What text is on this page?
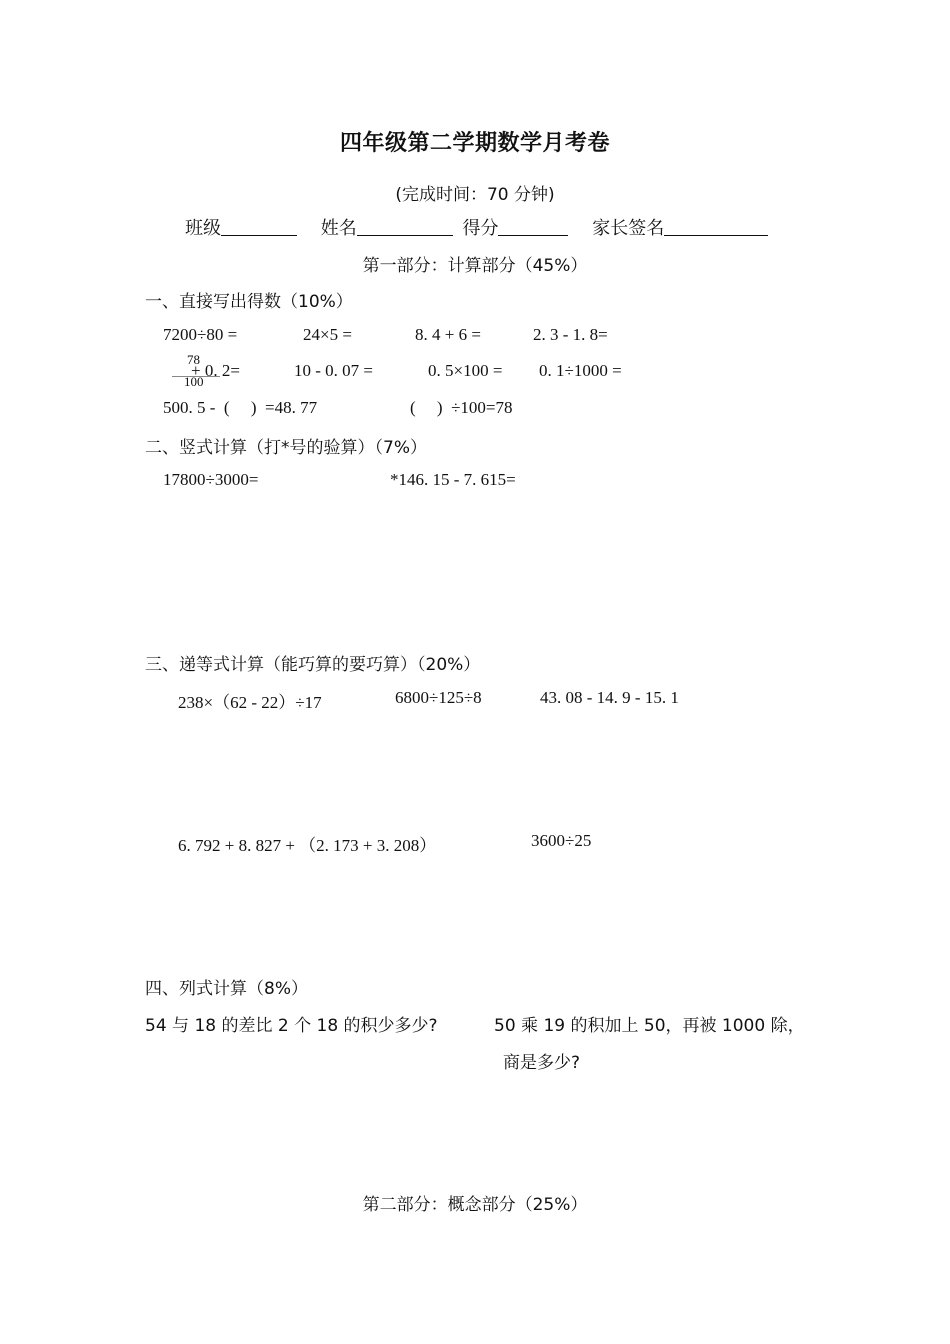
四年级第二学期数学月考卷
(完成时间：70 分钟)
班级	姓名	得分	家长签名
第一部分：计算部分（45%）
一、直接写出得数（10%）
7200÷80 =	24×5 =	8. 4 + 6 =	2. 3 - 1. 8=
78
100
+ 0. 2=	10 - 0. 07 =	0. 5×100 = 0. 1÷1000 =
500. 5 -  (     )  =48. 77	(     )  ÷100=78
二、竖式计算（打*号的验算）（7%）
17800÷3000=	*146. 15 - 7. 615=
三、递等式计算（能巧算的要巧算）（20%）
238×（62 - 22）÷17	6800÷125÷8	43. 08 - 14. 9 - 15. 1
6. 792 + 8. 827 + （2. 173 + 3. 208）	3600÷25
四、列式计算（8%）
54 与 18 的差比 2 个 18 的积少多少?	50 乘 19 的积加上 50，再被 1000 除，
商是多少?
第二部分：概念部分（25%）
